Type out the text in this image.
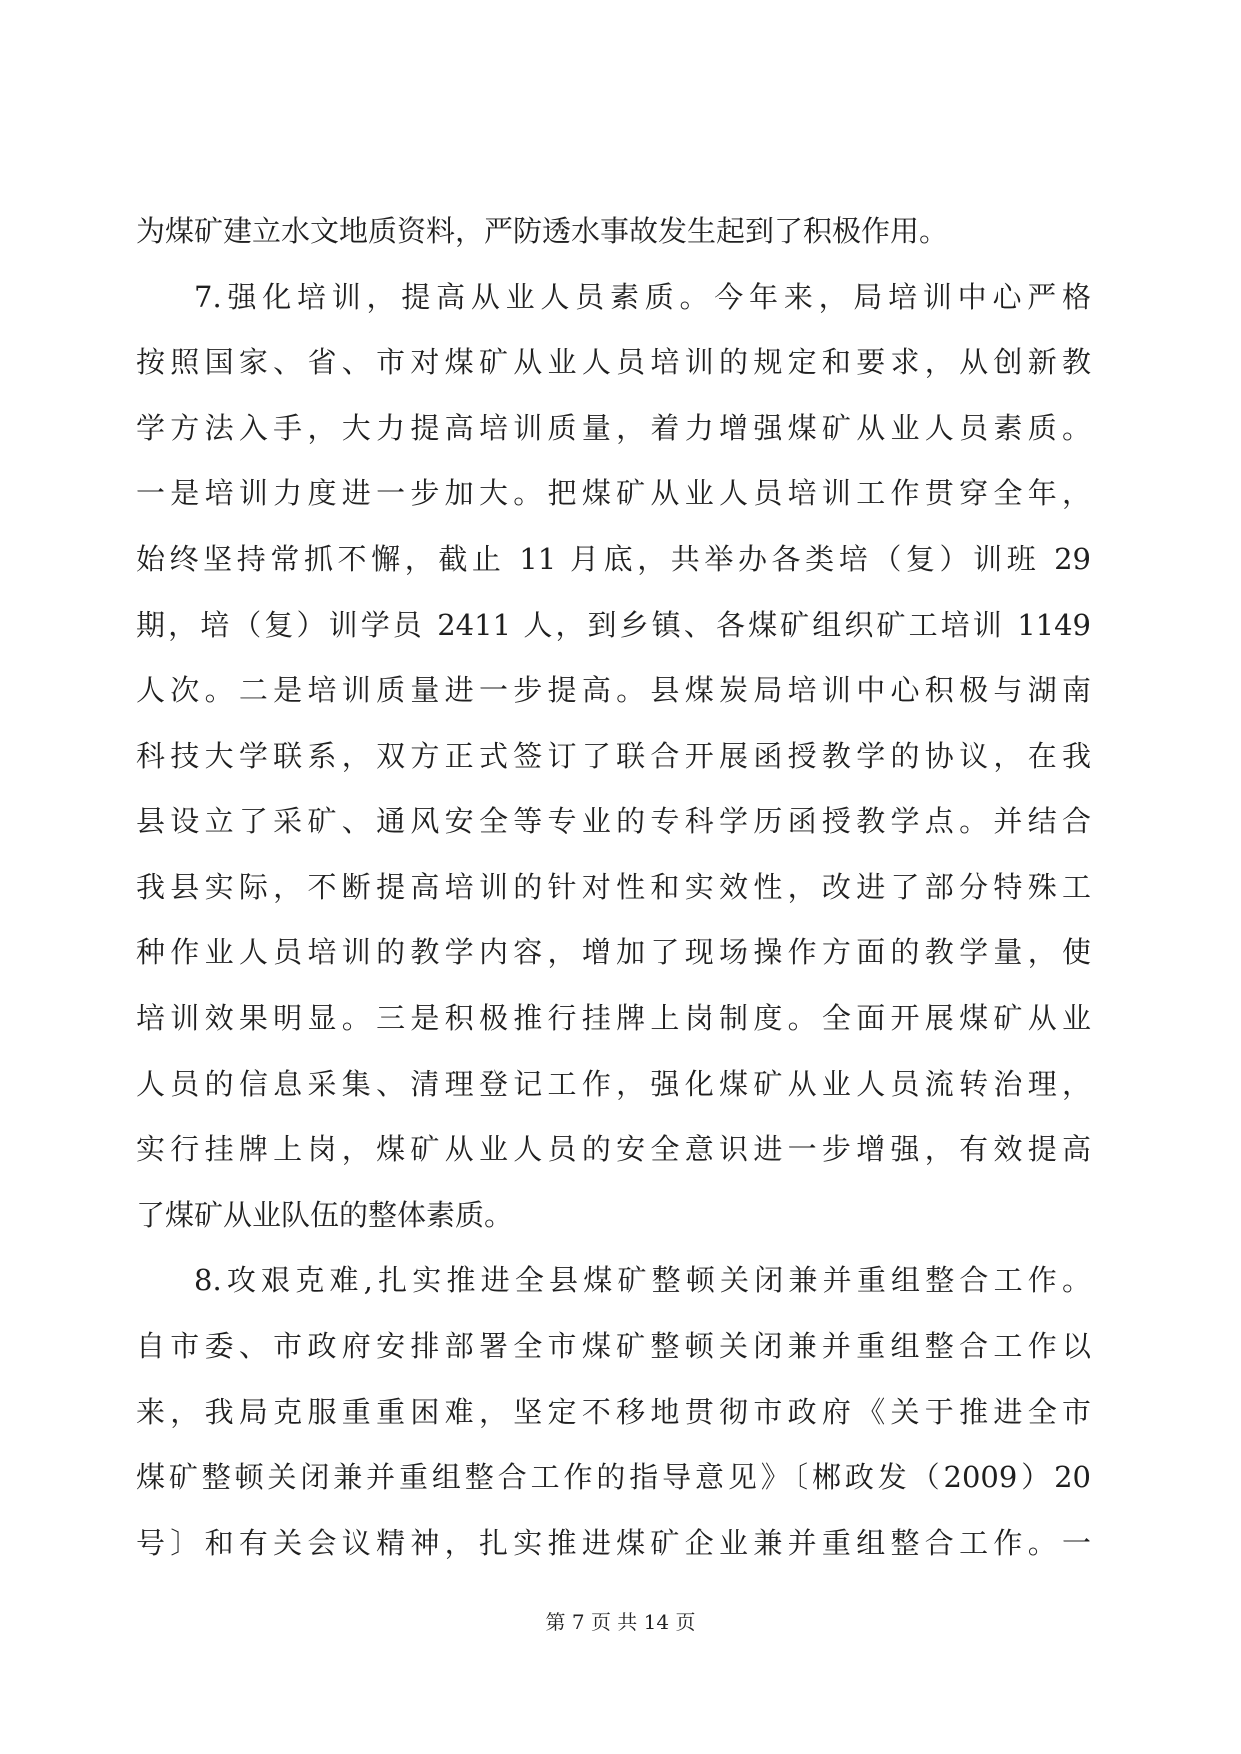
为煤矿建立水文地质资料，严防透水事故发生起到了积极作用。
7.强化培训，提高从业人员素质。今年来，局培训中心严格
按照国家、省、市对煤矿从业人员培训的规定和要求，从创新教
学方法入手，大力提高培训质量，着力增强煤矿从业人员素质。
一是培训力度进一步加大。把煤矿从业人员培训工作贯穿全年，
始终坚持常抓不懈，截止 11 月底，共举办各类培（复）训班 29
期，培（复）训学员 2411 人，到乡镇、各煤矿组织矿工培训 1149
人次。二是培训质量进一步提高。县煤炭局培训中心积极与湖南
科技大学联系，双方正式签订了联合开展函授教学的协议，在我
县设立了采矿、通风安全等专业的专科学历函授教学点。并结合
我县实际，不断提高培训的针对性和实效性，改进了部分特殊工
种作业人员培训的教学内容，增加了现场操作方面的教学量，使
培训效果明显。三是积极推行挂牌上岗制度。全面开展煤矿从业
人员的信息采集、清理登记工作，强化煤矿从业人员流转治理，
实行挂牌上岗，煤矿从业人员的安全意识进一步增强，有效提高
了煤矿从业队伍的整体素质。
8.攻艰克难,扎实推进全县煤矿整顿关闭兼并重组整合工作。
自市委、市政府安排部署全市煤矿整顿关闭兼并重组整合工作以
来，我局克服重重困难，坚定不移地贯彻市政府《关于推进全市
煤矿整顿关闭兼并重组整合工作的指导意见》〔郴政发（2009）20
号〕和有关会议精神，扎实推进煤矿企业兼并重组整合工作。一
第 7 页 共 14 页
